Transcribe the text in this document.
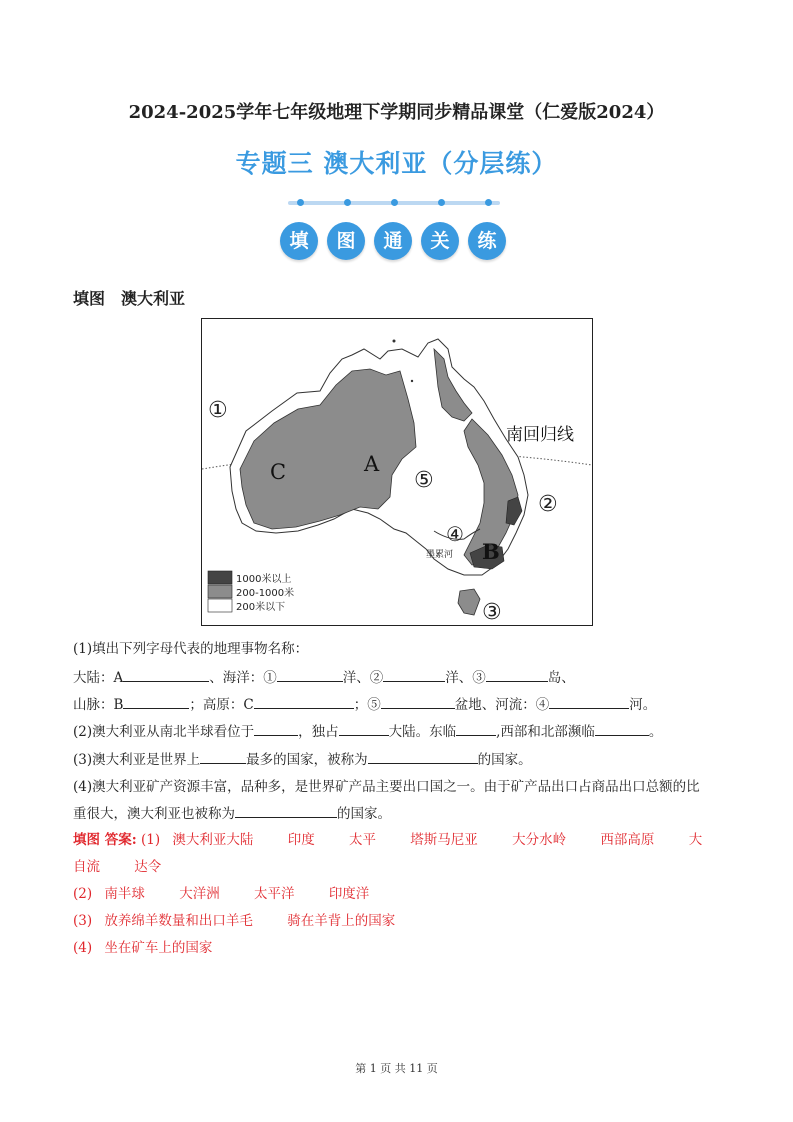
2024-2025学年七年级地理下学期同步精品课堂（仁爱版2024）
专题三 澳大利亚（分层练）
填	图	通	关	练
填图　澳大利亚
①
②
③
④
⑤
A
B
C
南回归线
墨累河
1000米以上
200-1000米
200米以下
(1)填出下列字母代表的地理事物名称：
大陆：A	、海洋：①	洋、②	洋、③	岛、
山脉：B	；高原：C	；⑤	盆地、河流：④	河。
(2)澳大利亚从南北半球看位于	，独占	大陆。东临	,西部和北部濒临	。
(3)澳大利亚是世界上	最多的国家，被称为	的国家。
(4)澳大利亚矿产资源丰富，品种多，是世界矿产品主要出口国之一。由于矿产品出口占商品出口总额的比
重很大，澳大利亚也被称为	的国家。
填图 答案: (1) 澳大利亚大陆	印度	太平	塔斯马尼亚	大分水岭	西部高原	大
自流	达令
(2) 南半球	大洋洲	太平洋	印度洋
(3) 放养绵羊数量和出口羊毛	骑在羊背上的国家
(4) 坐在矿车上的国家
第 1 页 共 11 页
